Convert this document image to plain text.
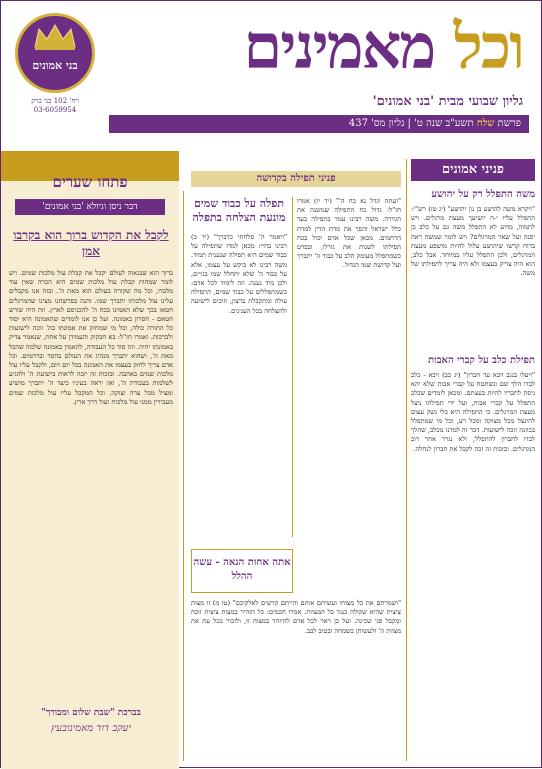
בני אמונים
רח' 102 בני ברק
03-6059954
וכל מאמינים
גליון שבועי מבית 'בני אמונים'
פרשת שלח תשע"ב שנה ט' | גליון מס' 437
פתחו שערים
דבר ניסן וגיולא 'בני אמונים'
לקבל את הקדוש ברוך הוא בקרבו אמן
ברוך הוא שבגאוה לעולם יקבל את קבלת עול מלכות שמים. ויש לומר שמהות קבלת עול מלכות שמים היא הכרה שאין עוד מלבדו, וכל מה שקורה בעולם הוא מאת ה'. ובזה אנו מקבלים עלינו עול מלכותו יתברך שמו. והנה בפרשתנו מצינו שהמרגלים חטאו בכך שלא האמינו בכח ה' להכניסם לארץ. וזה היה שורש חטאם - חסרון באמונה. ועל כן אנו לומדים שהאמונה היא יסוד כל התורה כולה, וכל מי שמחזק את אמונתו בה' זוכה לישועות ולברכות. ואמרו חז"ל: בא חבקוק והעמידן על אחת, שנאמר צדיק באמונתו יחיה. וזה סוד כל העבודה, להאמין באמונה שלמה שהכל מאת ה', ושהוא יתברך מנהיג את העולם בחסד וברחמים. וכל אדם צריך לחזק בעצמו את האמונה בכל יום ויום, ולקבל עליו עול מלכות שמים באהבה. ובזכות זה יזכה לראות בישועת ה' ולהגיע לשלמות בעבודת ה', ואז יראה בעיניו כיצד ה' יתברך מושיע ומציל מכל צרה וצוקה. וכל המקבל עליו עול מלכות שמים מעבירין ממנו עול מלכות ועול דרך ארץ.
בברכת "שבת שלום ומבורך"
יעקב דוד מאמינובעץ
פניני תפילה בקדושה
תפלה על כבוד שמים מונעת הצלחה בתפלה
"ויאמר ה' סלחתי כדברך" (יד כ) רבינו בחיי: מכאן למדו שתפילה על כבוד שמים היא תפילה שנענית תמיד. משה רבינו לא ביקש על עצמו, אלא על כבוד ה' שלא יתחלל שמו בגויים, ולכן מיד נענה. וזה לימוד לכל אדם: כשמתפללים על כבוד שמים, התפילה עולה ומתקבלת ברצון, וזוכים לישועה ולהצלחה בכל הענינים.
"ועתה יגדל נא כח ה'" (יד יז) אמרו חז"ל: גדול כח התפילה שמשנה את הגזירה. משה רבינו עמד בתפילה בעד כלל ישראל והפך את מדת הדין למדת הרחמים. מכאן שכל אדם יכול בכח תפילתו לשנות את גורלו, ובפרט כשמתפלל מעומק הלב על כבוד ה' יתברך ועל קדושת שמו הגדול.
אתה אחות הנאה - עשה ההלל
"ושמרתם את כל מצותי ועשיתם אותם והייתם קדשים לאלקיכם" (טו מ) זו מצות ציצית שהיא שקולה כנגד כל המצוות. אמרו חכמים: כל הזהיר במצות ציצית זוכה ומקבל פני שכינה. ועל כן ראוי לכל אדם להיזהר במצוה זו, ולזכור בכל עת את מצוות ה' ולעשותן בשמחה ובטוב לבב.
פניני אמונים
משה התפלל רק על יהושע
"ויקרא משה להושע בן נון יהושע" (יג טז) רש"י: התפלל עליו י-ה יושיעך מעצת מרגלים. ויש לתמוה, מדוע לא התפלל משה גם על כלב בן יפנה ועל שאר המרגלים? ויש לומר שמשה ראה ברוח קדשו שיהושע עלול להיות מושפע מעצת המרגלים, ולכן התפלל עליו במיוחד. אבל כלב, הוא היה צדיק בעצמו ולא היה צריך לתפילתו של משה.
תפילת כלב על קברי האבות
"ויעלו בנגב ויבא עד חברון" (יג כב) ויבא - כלב לבדו הלך שם ונשתטח על קברי אבות שלא יהא ניסת לחבריו להיות בעצתם. ומכאן לומדים שכלב התפלל על קברי אבות, ועל ידי תפילתו ניצל מעצת המרגלים. כי התפילה היא כלי נשק עצום להינצל מכל מצוקה ומכל רע, וכל מי שמתפלל בכוונה זוכה לישועות. דבר זה למדנו מכלב, שהלך לבדו לחברון להתפלל, ולא נגרר אחר רוב המרגלים. ובזכות זה זכה לקבל את חברון לנחלה.
